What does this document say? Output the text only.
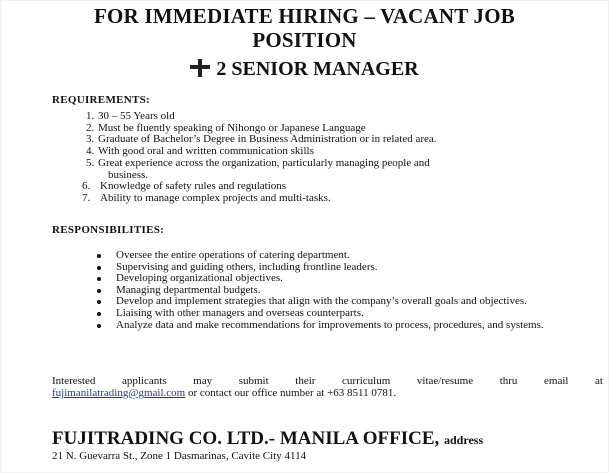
FOR IMMEDIATE HIRING – VACANT JOB
POSITION
2 SENIOR MANAGER
REQUIREMENTS:
1. 30 – 55 Years old
2. Must be fluently speaking of Nihongo or Japanese Language
3. Graduate of Bachelor’s Degree in Business Administration or in related area.
4. With good oral and written communication skills
5. Great experience across the organization, particularly managing people and
business.
6. Knowledge of safety rules and regulations
7. Ability to manage complex projects and multi-tasks.
RESPONSIBILITIES:
Oversee the entire operations of catering department.
Supervising and guiding others, including frontline leaders.
Developing organizational objectives.
Managing departmental budgets.
Develop and implement strategies that align with the company’s overall goals and objectives.
Liaising with other managers and overseas counterparts.
Analyze data and make recommendations for improvements to process, procedures, and systems.
Interested applicants may submit their curriculum vitae/resume thru email at
fujimanilatrading@gmail.com or contact our office number at +63 8511 0781.
FUJITRADING CO. LTD.- MANILA OFFICE, address
21 N. Guevarra St., Zone 1 Dasmarinas, Cavite City 4114
